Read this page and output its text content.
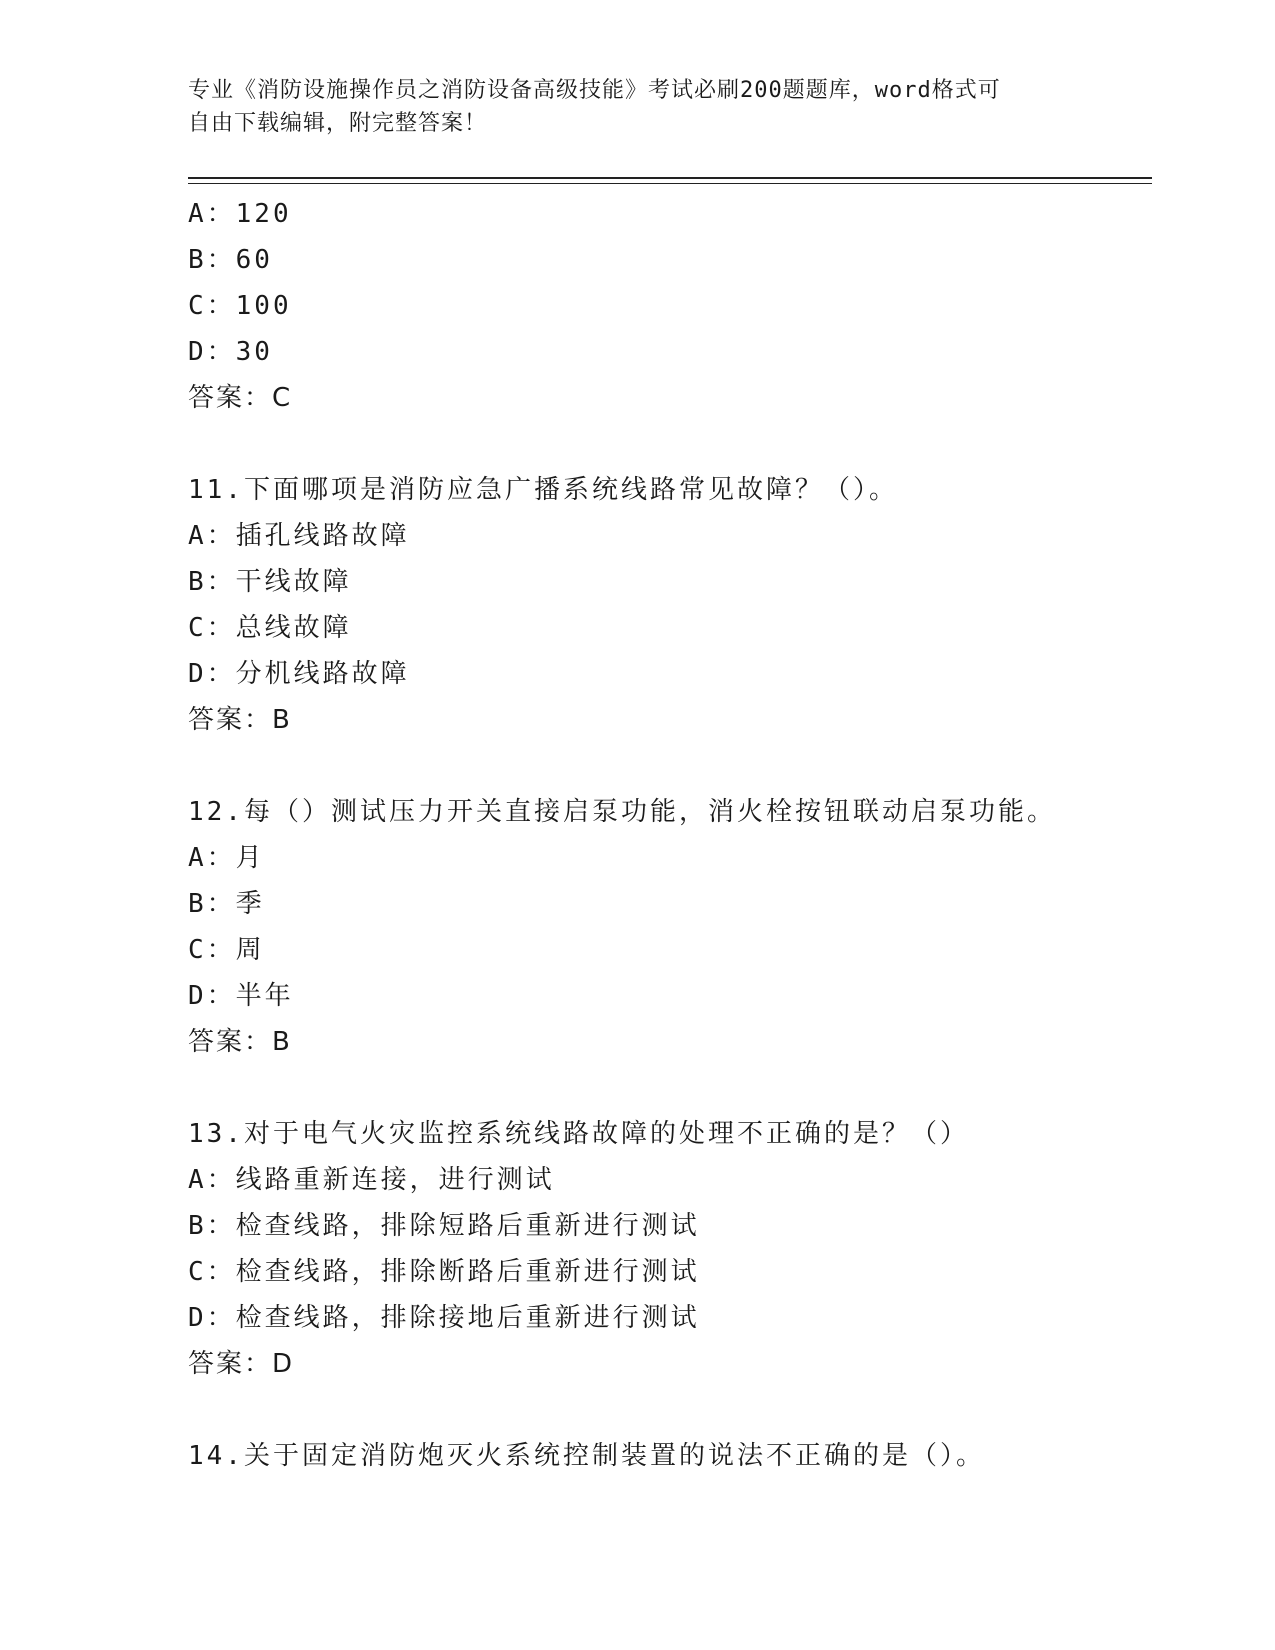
专业《消防设施操作员之消防设备高级技能》考试必刷200题题库，word格式可
自由下载编辑，附完整答案！
A：120
B：60
C：100
D：30
答案：C
11.下面哪项是消防应急广播系统线路常见故障？（）。
A：插孔线路故障
B：干线故障
C：总线故障
D：分机线路故障
答案：B
12.每（）测试压力开关直接启泵功能，消火栓按钮联动启泵功能。
A：月
B：季
C：周
D：半年
答案：B
13.对于电气火灾监控系统线路故障的处理不正确的是？（）
A：线路重新连接，进行测试
B：检查线路，排除短路后重新进行测试
C：检查线路，排除断路后重新进行测试
D：检查线路，排除接地后重新进行测试
答案：D
14.关于固定消防炮灭火系统控制装置的说法不正确的是（）。
